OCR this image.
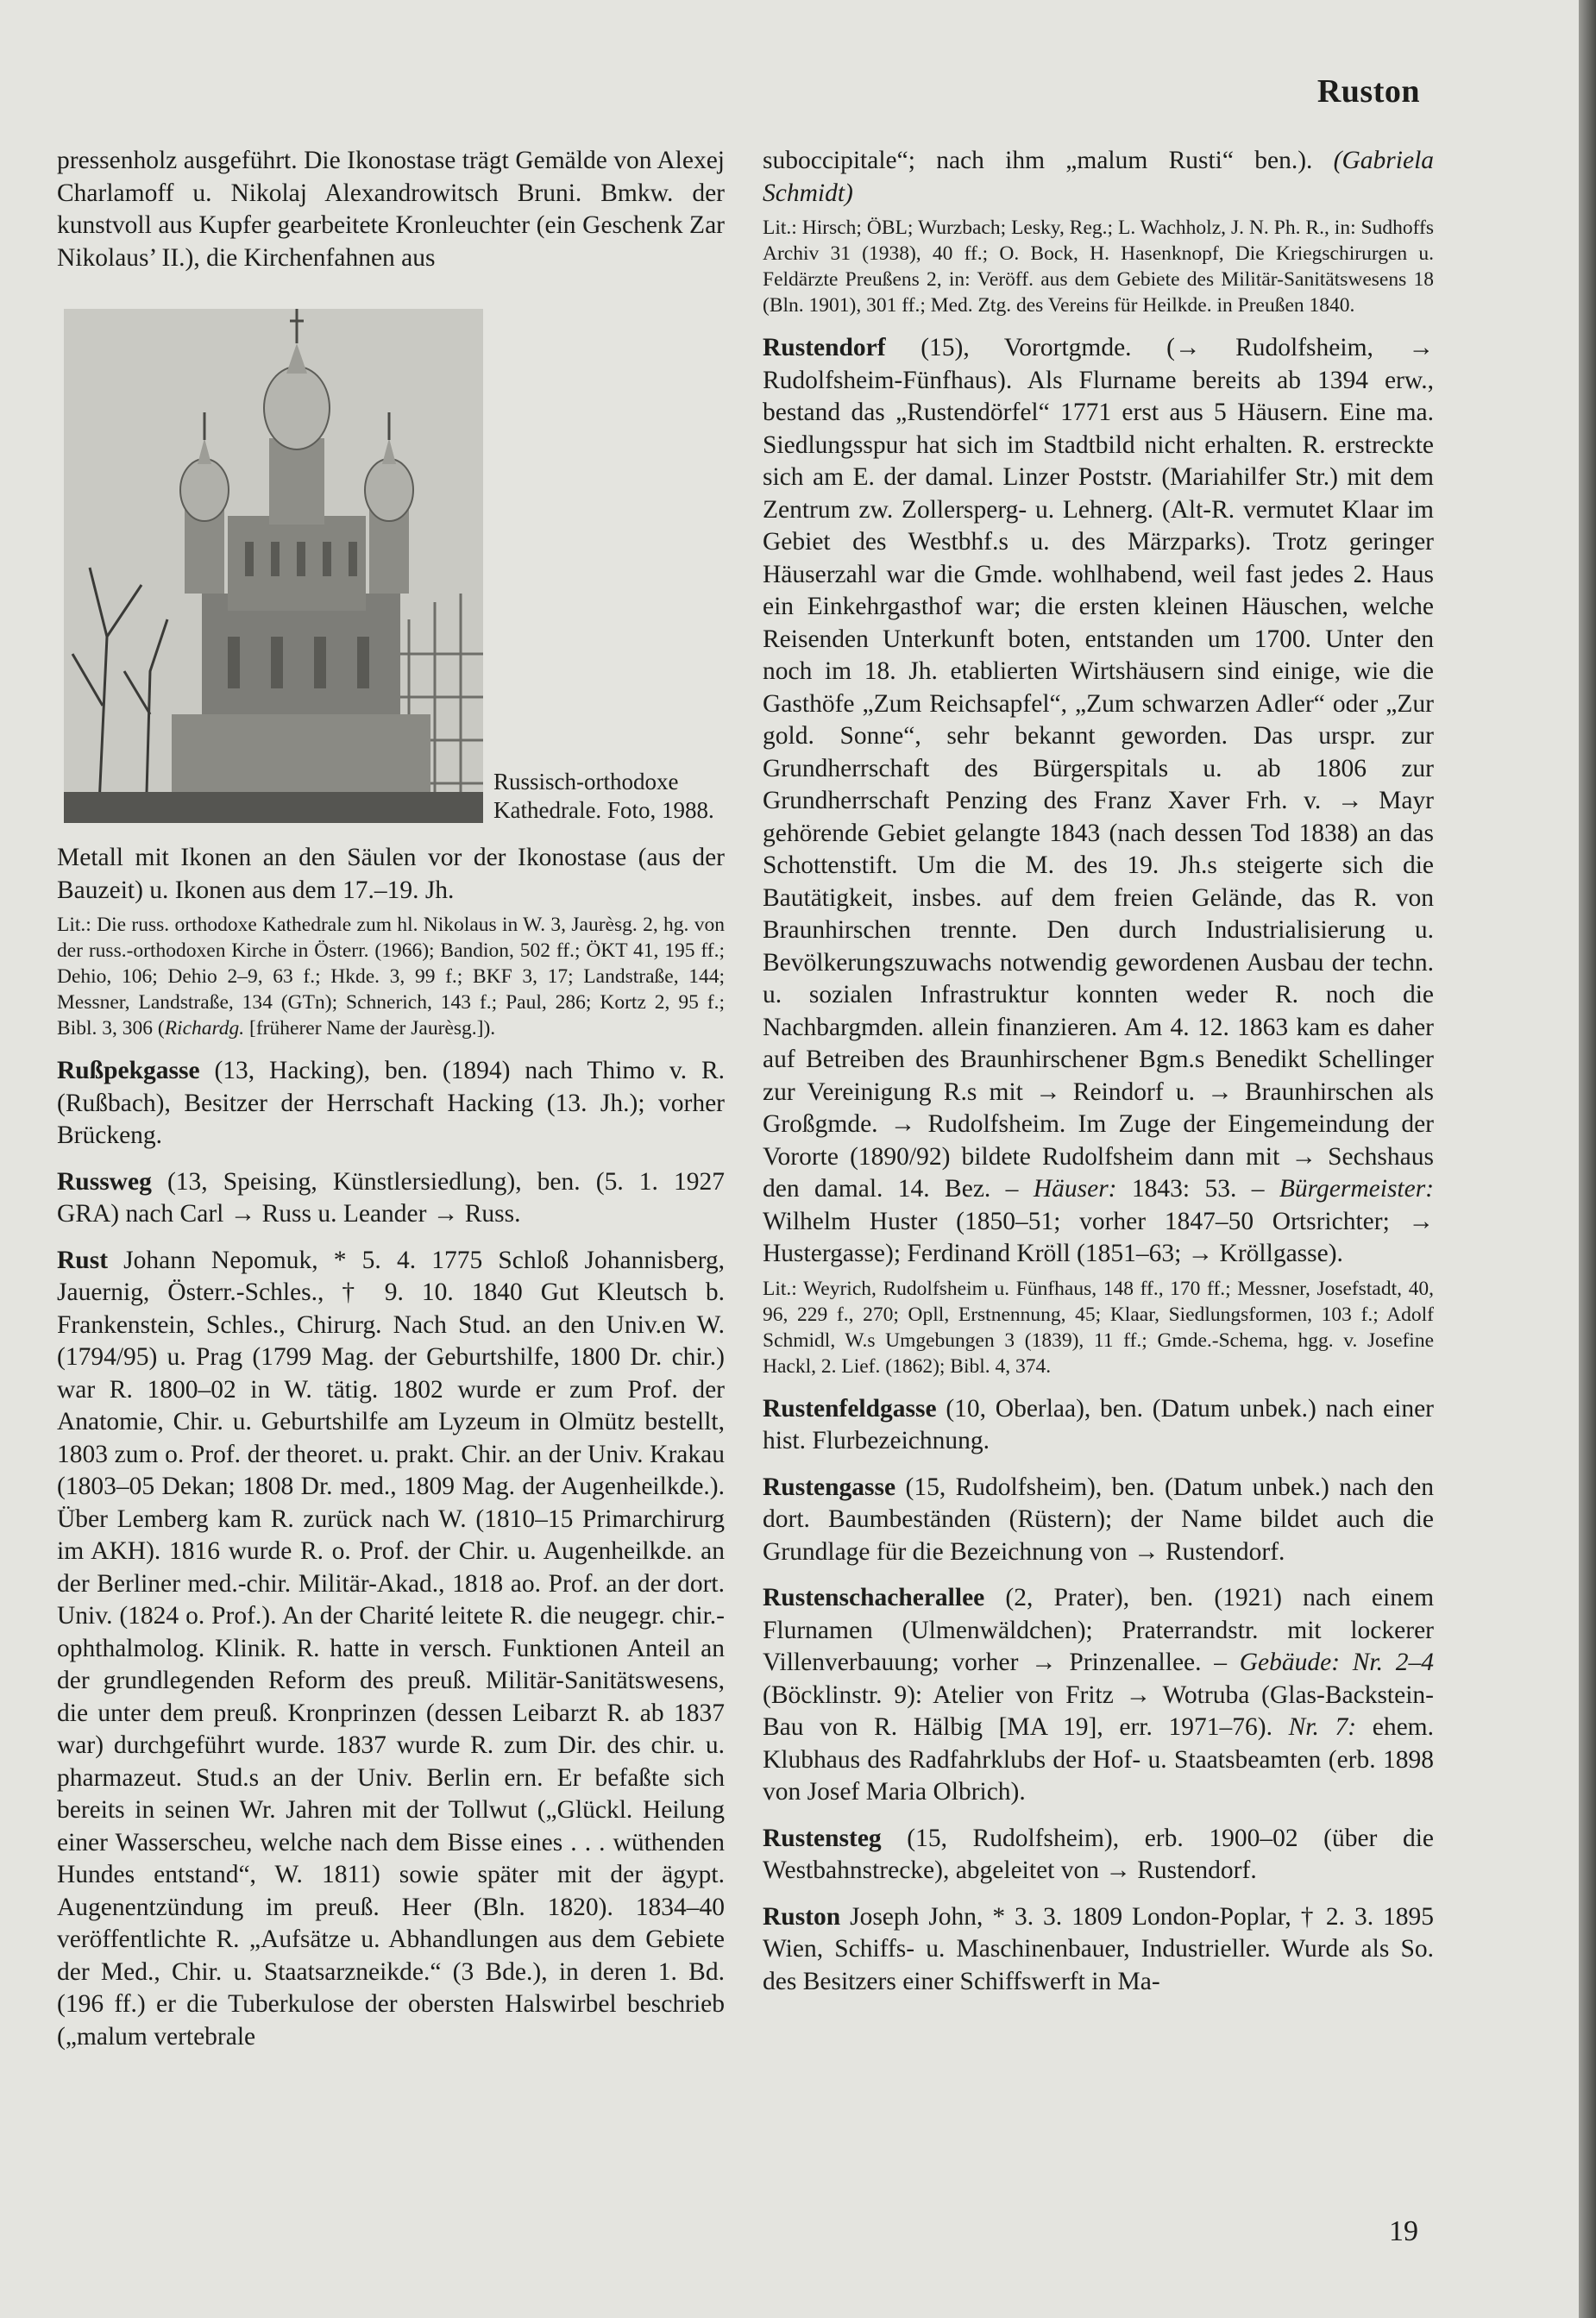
Ruston

pressenholz ausgeführt. Die Ikonostase trägt Gemälde von Alexej Charlamoff u. Nikolaj Alexandrowitsch Bruni. Bmkw. der kunstvoll aus Kupfer gearbeitete Kronleuchter (ein Geschenk Zar Nikolaus’ II.), die Kirchenfahnen aus

Russisch-orthodoxe Kathedrale. Foto, 1988.

Metall mit Ikonen an den Säulen vor der Ikonostase (aus der Bauzeit) u. Ikonen aus dem 17.–19. Jh.

Lit.: Die russ. orthodoxe Kathedrale zum hl. Nikolaus in W. 3, Jaurèsg. 2, hg. von der russ.-orthodoxen Kirche in Österr. (1966); Bandion, 502 ff.; ÖKT 41, 195 ff.; Dehio, 106; Dehio 2–9, 63 f.; Hkde. 3, 99 f.; BKF 3, 17; Landstraße, 144; Messner, Landstraße, 134 (GTn); Schnerich, 143 f.; Paul, 286; Kortz 2, 95 f.; Bibl. 3, 306 (Richardg. [früherer Name der Jaurèsg.]).

Rußpekgasse (13, Hacking), ben. (1894) nach Thimo v. R. (Rußbach), Besitzer der Herrschaft Hacking (13. Jh.); vorher Brückeng.

Russweg (13, Speising, Künstlersiedlung), ben. (5. 1. 1927 GRA) nach Carl → Russ u. Leander → Russ.

Rust Johann Nepomuk, * 5. 4. 1775 Schloß Johannisberg, Jauernig, Österr.-Schles., † 9. 10. 1840 Gut Kleutsch b. Frankenstein, Schles., Chirurg. Nach Stud. an den Univ.en W. (1794/95) u. Prag (1799 Mag. der Geburtshilfe, 1800 Dr. chir.) war R. 1800–02 in W. tätig. 1802 wurde er zum Prof. der Anatomie, Chir. u. Geburtshilfe am Lyzeum in Olmütz bestellt, 1803 zum o. Prof. der theoret. u. prakt. Chir. an der Univ. Krakau (1803–05 Dekan; 1808 Dr. med., 1809 Mag. der Augenheilkde.). Über Lemberg kam R. zurück nach W. (1810–15 Primarchirurg im AKH). 1816 wurde R. o. Prof. der Chir. u. Augenheilkde. an der Berliner med.-chir. Militär-Akad., 1818 ao. Prof. an der dort. Univ. (1824 o. Prof.). An der Charité leitete R. die neugegr. chir.-ophthalmolog. Klinik. R. hatte in versch. Funktionen Anteil an der grundlegenden Reform des preuß. Militär-Sanitätswesens, die unter dem preuß. Kronprinzen (dessen Leibarzt R. ab 1837 war) durchgeführt wurde. 1837 wurde R. zum Dir. des chir. u. pharmazeut. Stud.s an der Univ. Berlin ern. Er befaßte sich bereits in seinen Wr. Jahren mit der Tollwut („Glückl. Heilung einer Wasserscheu, welche nach dem Bisse eines . . . wüthenden Hundes entstand“, W. 1811) sowie später mit der ägypt. Augenentzündung im preuß. Heer (Bln. 1820). 1834–40 veröffentlichte R. „Aufsätze u. Abhandlungen aus dem Gebiete der Med., Chir. u. Staatsarzneikde.“ (3 Bde.), in deren 1. Bd. (196 ff.) er die Tuberkulose der obersten Halswirbel beschrieb („malum vertebrale

suboccipitale“; nach ihm „malum Rusti“ ben.). (Gabriela Schmidt)

Lit.: Hirsch; ÖBL; Wurzbach; Lesky, Reg.; L. Wachholz, J. N. Ph. R., in: Sudhoffs Archiv 31 (1938), 40 ff.; O. Bock, H. Hasenknopf, Die Kriegschirurgen u. Feldärzte Preußens 2, in: Veröff. aus dem Gebiete des Militär-Sanitätswesens 18 (Bln. 1901), 301 ff.; Med. Ztg. des Vereins für Heilkde. in Preußen 1840.

Rustendorf (15), Vorortgmde. (→ Rudolfsheim, → Rudolfsheim-Fünfhaus). Als Flurname bereits ab 1394 erw., bestand das „Rustendörfel“ 1771 erst aus 5 Häusern. Eine ma. Siedlungsspur hat sich im Stadtbild nicht erhalten. R. erstreckte sich am E. der damal. Linzer Poststr. (Mariahilfer Str.) mit dem Zentrum zw. Zollersperg- u. Lehnerg. (Alt-R. vermutet Klaar im Gebiet des Westbhf.s u. des Märzparks). Trotz geringer Häuserzahl war die Gmde. wohlhabend, weil fast jedes 2. Haus ein Einkehrgasthof war; die ersten kleinen Häuschen, welche Reisenden Unterkunft boten, entstanden um 1700. Unter den noch im 18. Jh. etablierten Wirtshäusern sind einige, wie die Gasthöfe „Zum Reichsapfel“, „Zum schwarzen Adler“ oder „Zur gold. Sonne“, sehr bekannt geworden. Das urspr. zur Grundherrschaft des Bürgerspitals u. ab 1806 zur Grundherrschaft Penzing des Franz Xaver Frh. v. → Mayr gehörende Gebiet gelangte 1843 (nach dessen Tod 1838) an das Schottenstift. Um die M. des 19. Jh.s steigerte sich die Bautätigkeit, insbes. auf dem freien Gelände, das R. von Braunhirschen trennte. Den durch Industrialisierung u. Bevölkerungszuwachs notwendig gewordenen Ausbau der techn. u. sozialen Infrastruktur konnten weder R. noch die Nachbargmden. allein finanzieren. Am 4. 12. 1863 kam es daher auf Betreiben des Braunhirschener Bgm.s Benedikt Schellinger zur Vereinigung R.s mit → Reindorf u. → Braunhirschen als Großgmde. → Rudolfsheim. Im Zuge der Eingemeindung der Vororte (1890/92) bildete Rudolfsheim dann mit → Sechshaus den damal. 14. Bez. – Häuser: 1843: 53. – Bürgermeister: Wilhelm Huster (1850–51; vorher 1847–50 Ortsrichter; → Hustergasse); Ferdinand Kröll (1851–63; → Kröllgasse).

Lit.: Weyrich, Rudolfsheim u. Fünfhaus, 148 ff., 170 ff.; Messner, Josefstadt, 40, 96, 229 f., 270; Opll, Erstnennung, 45; Klaar, Siedlungsformen, 103 f.; Adolf Schmidl, W.s Umgebungen 3 (1839), 11 ff.; Gmde.-Schema, hgg. v. Josefine Hackl, 2. Lief. (1862); Bibl. 4, 374.

Rustenfeldgasse (10, Oberlaa), ben. (Datum unbek.) nach einer hist. Flurbezeichnung.

Rustengasse (15, Rudolfsheim), ben. (Datum unbek.) nach den dort. Baumbeständen (Rüstern); der Name bildet auch die Grundlage für die Bezeichnung von → Rustendorf.

Rustenschacherallee (2, Prater), ben. (1921) nach einem Flurnamen (Ulmenwäldchen); Praterrandstr. mit lockerer Villenverbauung; vorher → Prinzenallee. – Gebäude: Nr. 2–4 (Böcklinstr. 9): Atelier von Fritz → Wotruba (Glas-Backstein-Bau von R. Hälbig [MA 19], err. 1971–76). Nr. 7: ehem. Klubhaus des Radfahrklubs der Hof- u. Staatsbeamten (erb. 1898 von Josef Maria Olbrich).

Rustensteg (15, Rudolfsheim), erb. 1900–02 (über die Westbahnstrecke), abgeleitet von → Rustendorf.

Ruston Joseph John, * 3. 3. 1809 London-Poplar, † 2. 3. 1895 Wien, Schiffs- u. Maschinenbauer, Industrieller. Wurde als So. des Besitzers einer Schiffswerft in Ma-

19
